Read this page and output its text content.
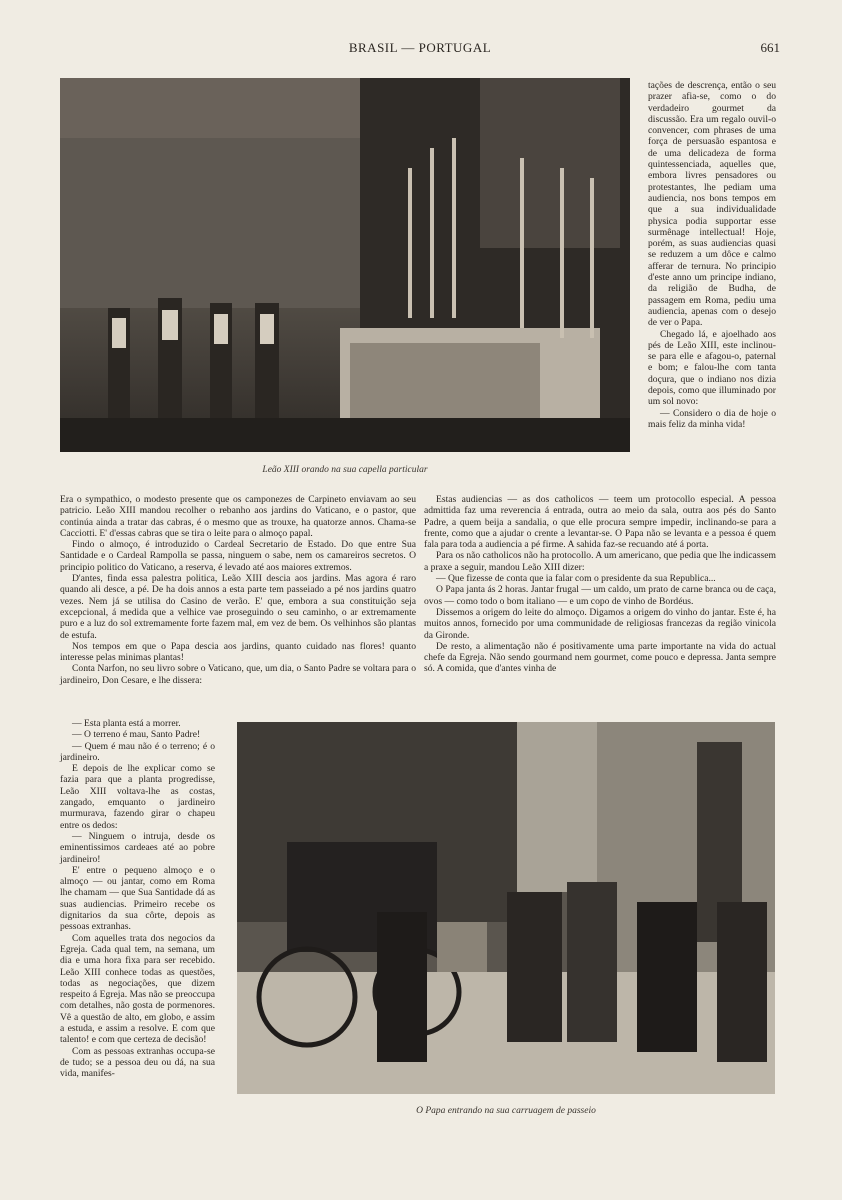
BRASIL — PORTUGAL	661
Leão XIII orando na sua capella particular

tações de descrença, então o seu prazer afia-se, como o do verdadeiro gourmet da discussão. Era um regalo ouvil-o convencer, com phrases de uma força de persuasão espantosa e de uma delicadeza de forma quintessenciada, aquelles que, embora livres pensadores ou protestantes, lhe pediam uma audiencia, nos bons tempos em que a sua individualidade physica podia supportar esse surmênage intellectual! Hoje, porém, as suas audiencias quasi se reduzem a um dôce e calmo afferar de ternura. No principio d'este anno um principe indiano, da religião de Budha, de passagem em Roma, pediu uma audiencia, apenas com o desejo de ver o Papa.

Chegado lá, e ajoelhado aos pés de Leão XIII, este inclinou-se para elle e afagou-o, paternal e bom; e falou-lhe com tanta doçura, que o indiano nos dizia depois, como que illuminado por um sol novo:

— Considero o dia de hoje o mais feliz da minha vida!

Era o sympathico, o modesto presente que os camponezes de Carpineto enviavam ao seu patricio. Leão XIII mandou recolher o rebanho aos jardins do Vaticano, e o pastor, que continúa ainda a tratar das cabras, é o mesmo que as trouxe, ha quatorze annos. Chama-se Cacciotti. E' d'essas cabras que se tira o leite para o almoço papal.

Findo o almoço, é introduzido o Cardeal Secretario de Estado. Do que entre Sua Santidade e o Cardeal Rampolla se passa, ninguem o sabe, nem os camareiros secretos. O principio politico do Vaticano, a reserva, é levado até aos maiores extremos.

D'antes, finda essa palestra politica, Leão XIII descia aos jardins. Mas agora é raro quando ali desce, a pé. De ha dois annos a esta parte tem passeiado a pé nos jardins quatro vezes. Nem já se utilisa do Casino de verão. E' que, embora a sua constituição seja excepcional, á medida que a velhice vae proseguindo o seu caminho, o ar extremamente puro e a luz do sol extremamente forte fazem mal, em vez de bem. Os velhinhos são plantas de estufa.

Nos tempos em que o Papa descia aos jardins, quanto cuidado nas flores! quanto interesse pelas minimas plantas!

Conta Narfon, no seu livro sobre o Vaticano, que, um dia, o Santo Padre se voltara para o jardineiro, Don Cesare, e lhe dissera:

— Esta planta está a morrer.

— O terreno é mau, Santo Padre!

— Quem é mau não é o terreno; é o jardineiro.

E depois de lhe explicar como se fazia para que a planta progredisse, Leão XIII voltava-lhe as costas, zangado, emquanto o jardineiro murmurava, fazendo girar o chapeu entre os dedos:

— Ninguem o intruja, desde os eminentissimos cardeaes até ao pobre jardineiro!

E' entre o pequeno almoço e o almoço — ou jantar, como em Roma lhe chamam — que Sua Santidade dá as suas audiencias. Primeiro recebe os dignitarios da sua côrte, depois as pessoas extranhas.

Com aquelles trata dos negocios da Egreja. Cada qual tem, na semana, um dia e uma hora fixa para ser recebido. Leão XIII conhece todas as questões, todas as negociações, que dizem respeito á Egreja. Mas não se preoccupa com detalhes, não gosta de pormenores. Vê a questão de alto, em globo, e assim a estuda, e assim a resolve. E com que talento! e com que certeza de decisão!

Com as pessoas extranhas occupa-se de tudo; se a pessoa deu ou dá, na sua vida, manifes-

Estas audiencias — as dos catholicos — teem um protocollo especial. A pessoa admittida faz uma reverencia á entrada, outra ao meio da sala, outra aos pés do Santo Padre, a quem beija a sandalia, o que elle procura sempre impedir, inclinando-se para a frente, como que a ajudar o crente a levantar-se. O Papa não se levanta e a pessoa é quem fala para toda a audiencia a pé firme. A sahida faz-se recuando até á porta.

Para os não catholicos não ha protocollo. A um americano, que pedia que lhe indicassem a praxe a seguir, mandou Leão XIII dizer:

— Que fizesse de conta que ia falar com o presidente da sua Republica...

O Papa janta ás 2 horas. Jantar frugal — um caldo, um prato de carne branca ou de caça, ovos — como todo o bom italiano — e um copo de vinho de Bordéus.

Dissemos a origem do leite do almoço. Digamos a origem do vinho do jantar. Este é, ha muitos annos, fornecido por uma communidade de religiosas francezas da região vinicola da Gironde.

De resto, a alimentação não é positivamente uma parte importante na vida do actual chefe da Egreja. Não sendo gourmand nem gourmet, come pouco e depressa. Janta sempre só. A comida, que d'antes vinha de

O Papa entrando na sua carruagem de passeio
